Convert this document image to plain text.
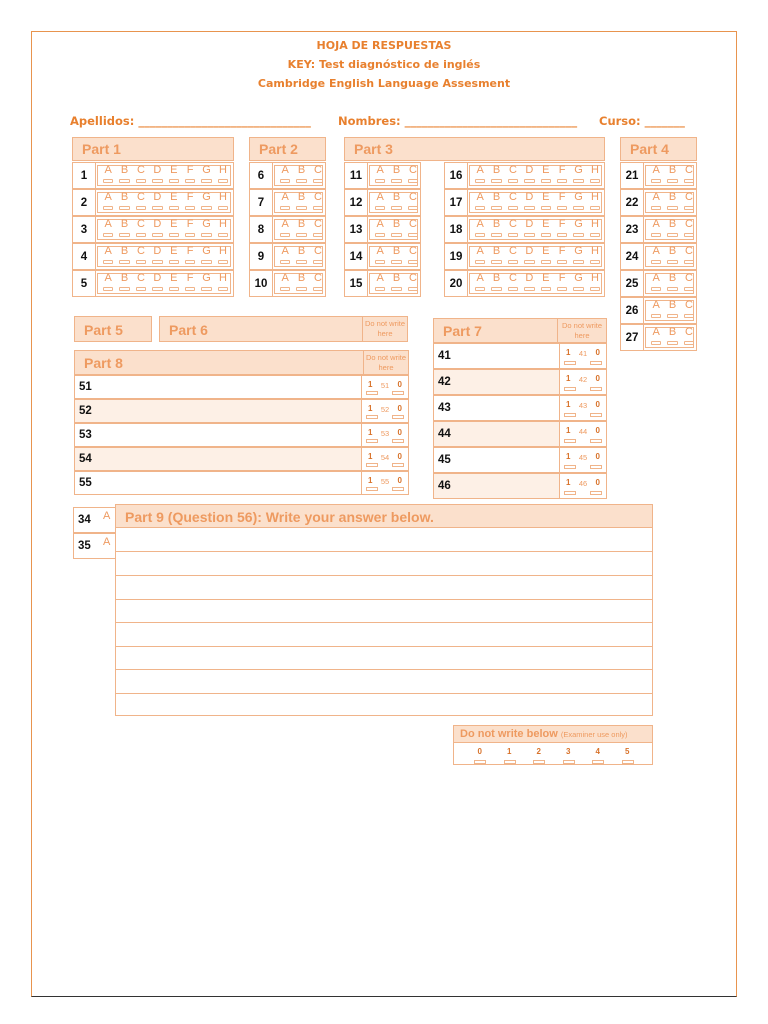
HOJA DE RESPUESTAS
KEY: Test diagnóstico de inglés
Cambridge English Language Assesment
Apellidos: ______________________________ Nombres: ______________________________ Curso: _______
Part 1
1	A B C D E F G H
2	A B C D E F G H
3	A B C D E F G H
4	A B C D E F G H
5	A B C D E F G H
Part 2
6	A B C
7	A B C
8	A B C
9	A B C
10	A B C
Part 3
11	A B C
12	A B C
13	A B C
14	A B C
15	A B C
16	A B C D E F G H
17	A B C D E F G H
18	A B C D E F G H
19	A B C D E F G H
20	A B C D E F G H
Part 4
21	A B C
22	A B C
23	A B C
24	A B C
25	A B C
26	A B C
27	A B C
Part 5	Part 6	Do not write here	Part 7	Do not write here
41	1	41	0
42	1	42	0
43	1	43	0
44	1	44	0
45	1	45	0
46	1	46	0
34 A
35 A
Part 8	Do not write here
51	1	51	0
52	1	52	0
53	1	53	0
54	1	54	0
55	1	55	0
Part 9 (Question 56): Write your answer below.
Do not write below (Examiner use only)
0	1	2	3	4	5
